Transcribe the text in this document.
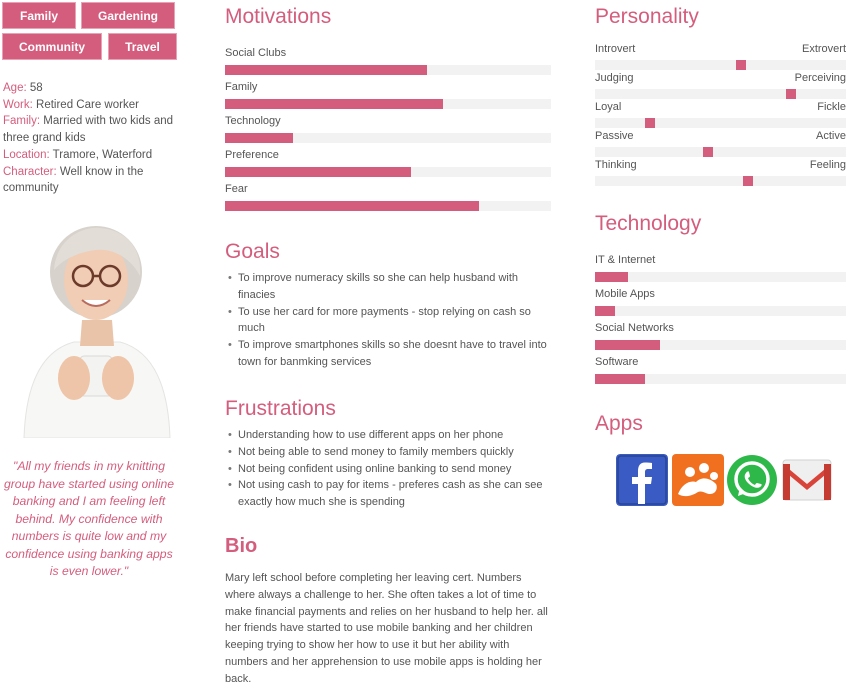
Family	Gardening
Community	Travel
Age: 58
Work: Retired Care worker
Family: Married with two kids and three grand kids
Location: Tramore, Waterford
Character: Well know in the community
"All my friends in my knitting group have started using online banking and I am feeling left behind. My confidence with numbers is quite low and my confidence using banking apps is even lower."
Motivations
Social Clubs
Family
Technology
Preference
Fear
Goals
• To improve numeracy skills so she can help husband with finacies
• To use her card for more payments - stop relying on cash so much
• To improve smartphones skills so she doesnt have to travel into town for banmking services
Frustrations
• Understanding how to use different apps on her phone
• Not being able to send money to family members quickly
• Not being confident using online banking to send money
• Not using cash to pay for items - preferes cash as she can see exactly how much she is spending
Bio
Mary left school before completing her leaving cert. Numbers where always a challenge to her. She often takes a lot of time to make financial payments and relies on her husband to help her. all her friends have started to use mobile banking and her children keeping trying to show her how to use it but her ability with numbers and her apprehension to use mobile apps is holding her back.
Personality
Introvert	Extrovert
Judging	Perceiving
Loyal	Fickle
Passive	Active
Thinking	Feeling
Technology
IT & Internet
Mobile Apps
Social Networks
Software
Apps
